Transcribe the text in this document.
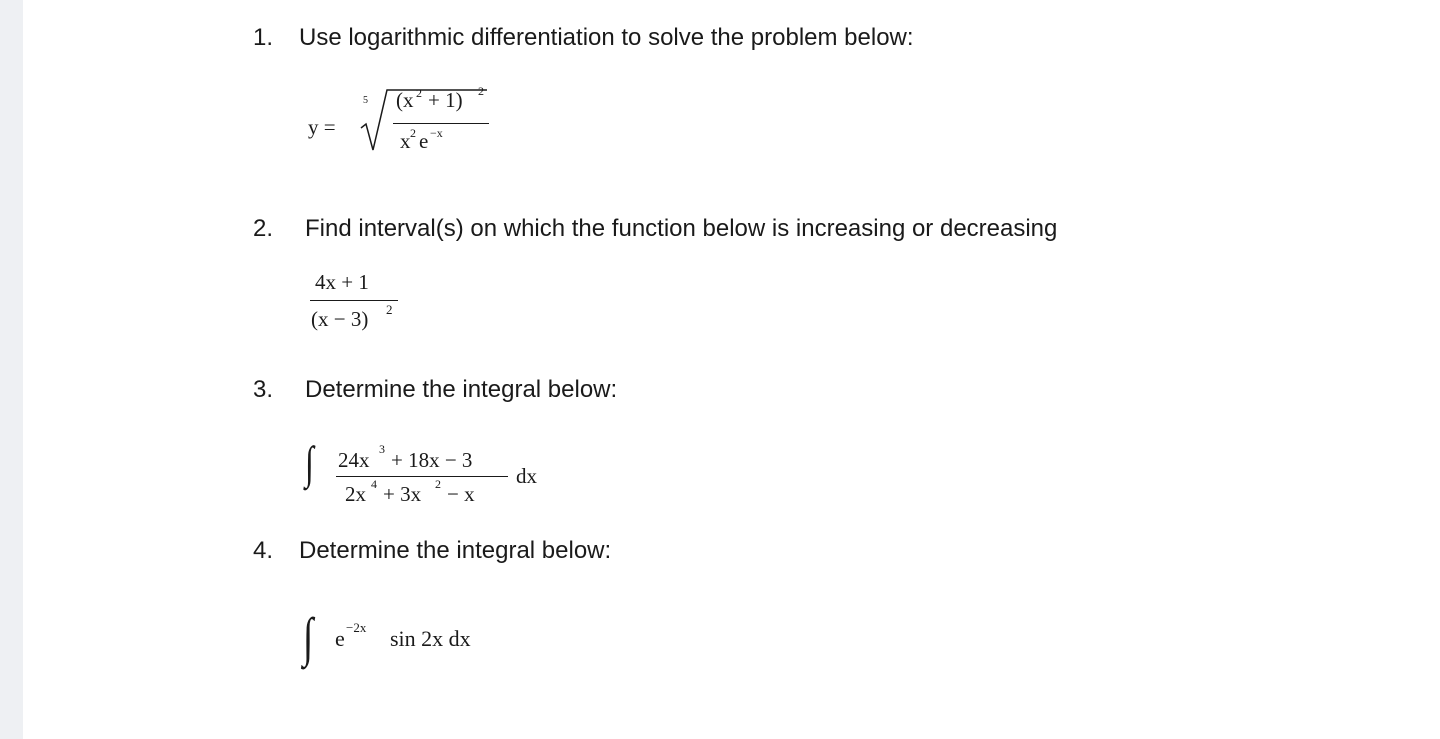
1. Use logarithmic differentiation to solve the problem below:
y =
5 (x 2 + 1) 2
x 2 e −x
2. Find interval(s) on which the function below is increasing or decreasing
4x + 1
(x − 3) 2
3. Determine the integral below:
∫ 24x 3 + 18x − 3
2x 4 + 3x 2 − x
dx
4. Determine the integral below:
∫ e −2x sin 2x dx
